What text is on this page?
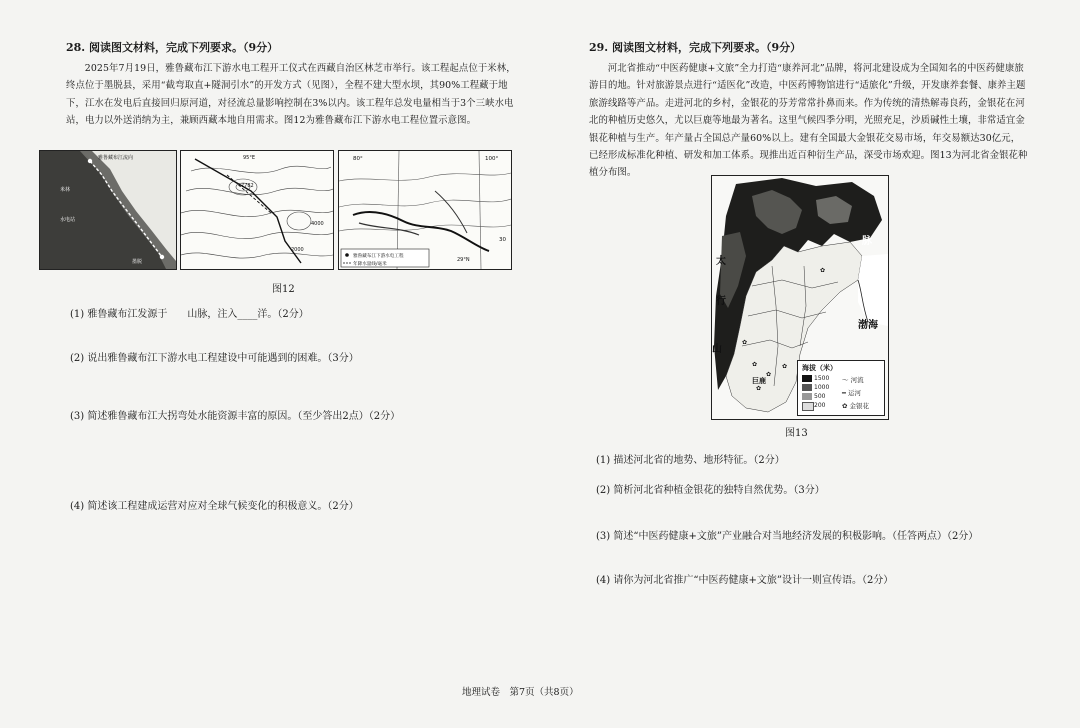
28. 阅读图文材料，完成下列要求。（9分）

2025年7月19日，雅鲁藏布江下游水电工程开工仪式在西藏自治区林芝市举行。该工程起点位于米林，终点位于墨脱县，采用“截弯取直+隧洞引水”的开发方式（见图），全程不建大型水坝，其90%工程藏于地下，江水在发电后直接回归原河道，对径流总量影响控制在3%以内。该工程年总发电量相当于3个三峡水电站，电力以外送消纳为主，兼顾西藏本地自用需求。图12为雅鲁藏布江下游水电工程位置示意图。

雅鲁藏布江流向
米林
水电站
墨脱
95°E
7782
4000
2000
80°	100°
30
29°N
雅鲁藏布江下游水电工程
年降水量线/毫米
图12
(1) 雅鲁藏布江发源于　　山脉，注入____洋。（2分）
(2) 说出雅鲁藏布江下游水电工程建设中可能遇到的困难。（3分）
(3) 简述雅鲁藏布江大拐弯处水能资源丰富的原因。（至少答出2点）（2分）
(4) 简述该工程建成运营对应对全球气候变化的积极意义。（2分）

29. 阅读图文材料，完成下列要求。（9分）

河北省推动“中医药健康+文旅”全力打造“康养河北”品牌，将河北建设成为全国知名的中医药健康旅游目的地。针对旅游景点进行“适医化”改造，中医药博物馆进行“适旅化”升级，开发康养套餐、康养主题旅游线路等产品。走进河北的乡村，金银花的芬芳常常扑鼻而来。作为传统的清热解毒良药，金银花在河北的种植历史悠久，尤以巨鹿等地最为著名。这里气候四季分明，光照充足，沙质碱性土壤，非常适宜金银花种植与生产。年产量占全国总产量60%以上。建有全国最大金银花交易市场，年交易额达30亿元，已经形成标准化种植、研发和加工体系。现推出近百种衍生产品，深受市场欢迎。图13为河北省金银花种植分布图。

✿
✿
✿
✿
✿
✿
太
行
山
渤海
脉
巨鹿
海拔（米）
1500
1000
500
200
～ 河流
━ 运河
✿ 金银花
图13
(1) 描述河北省的地势、地形特征。（2分）
(2) 简析河北省种植金银花的独特自然优势。（3分）
(3) 简述“中医药健康+文旅”产业融合对当地经济发展的积极影响。（任答两点）（2分）
(4) 请你为河北省推广“中医药健康+文旅”设计一则宣传语。（2分）
地理试卷　第7页（共8页）
